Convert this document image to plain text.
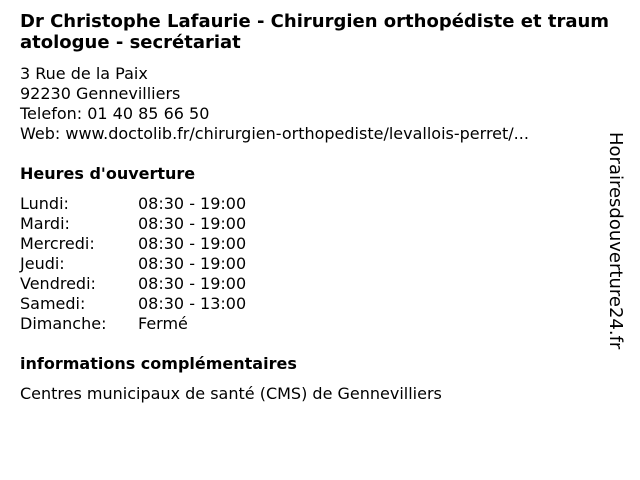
Dr Christophe Lafaurie - Chirurgien orthopédiste et traumatologue - secrétariat
3 Rue de la Paix
92230 Gennevilliers
Telefon: 01 40 85 66 50
Web: www.doctolib.fr/chirurgien-orthopediste/levallois-perret/...
Heures d'ouverture
Lundi:	08:30 - 19:00
Mardi:	08:30 - 19:00
Mercredi:	08:30 - 19:00
Jeudi:	08:30 - 19:00
Vendredi:	08:30 - 19:00
Samedi:	08:30 - 13:00
Dimanche: Fermé
informations complémentaires
Centres municipaux de santé (CMS) de Gennevilliers
Horairesdouverture24.fr
